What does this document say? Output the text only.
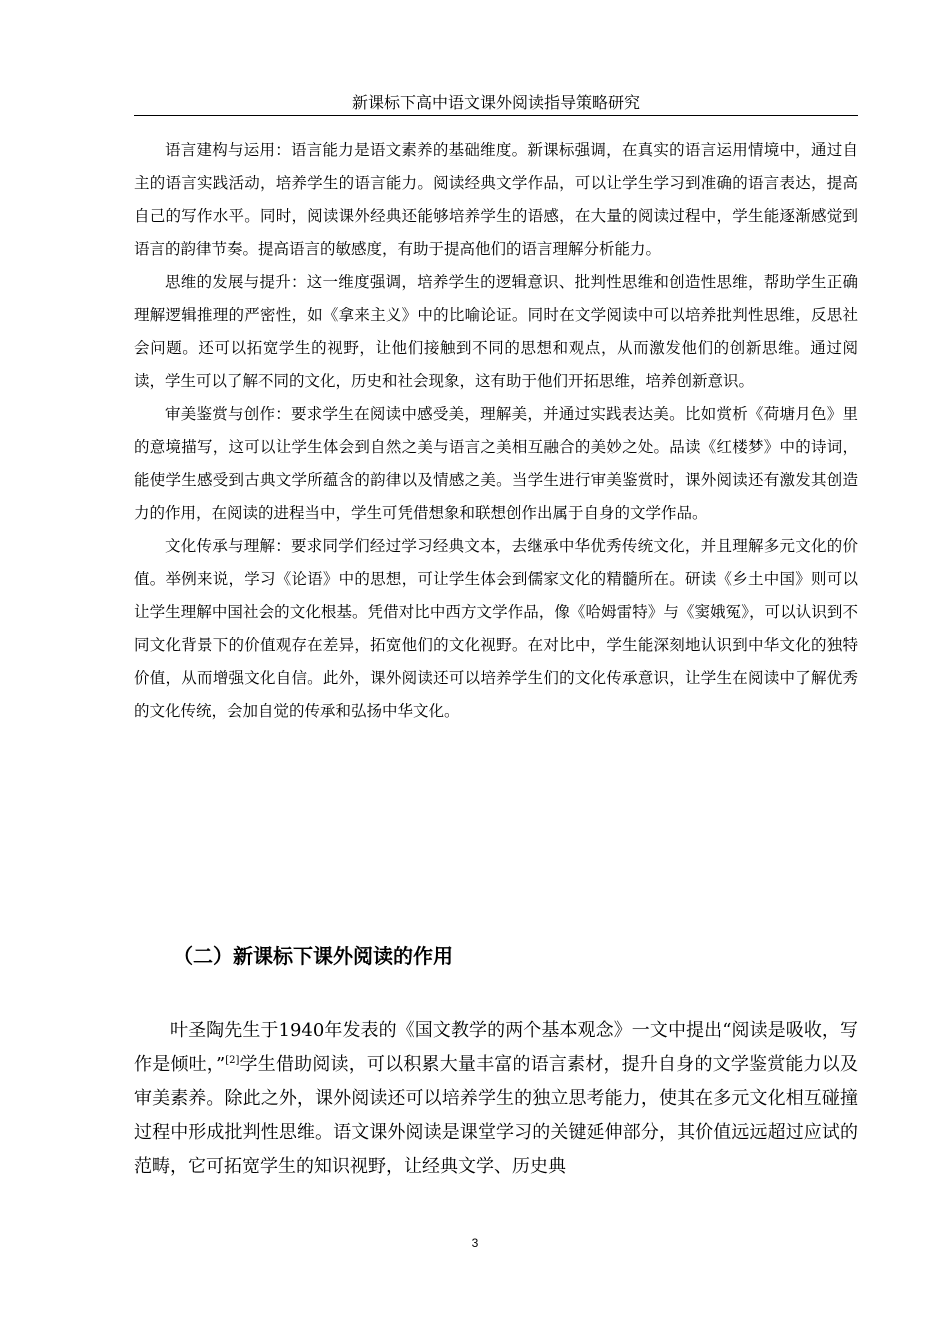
新课标下高中语文课外阅读指导策略研究

语言建构与运用：语言能力是语文素养的基础维度。新课标强调，在真实的语言运用情境中，通过自主的语言实践活动，培养学生的语言能力。阅读经典文学作品，可以让学生学习到准确的语言表达，提高自己的写作水平。同时，阅读课外经典还能够培养学生的语感，在大量的阅读过程中，学生能逐渐感觉到语言的韵律节奏。提高语言的敏感度，有助于提高他们的语言理解分析能力。

思维的发展与提升：这一维度强调，培养学生的逻辑意识、批判性思维和创造性思维，帮助学生正确理解逻辑推理的严密性，如《拿来主义》中的比喻论证。同时在文学阅读中可以培养批判性思维，反思社会问题。还可以拓宽学生的视野，让他们接触到不同的思想和观点，从而激发他们的创新思维。通过阅读，学生可以了解不同的文化，历史和社会现象，这有助于他们开拓思维，培养创新意识。

审美鉴赏与创作：要求学生在阅读中感受美，理解美，并通过实践表达美。比如赏析《荷塘月色》里的意境描写，这可以让学生体会到自然之美与语言之美相互融合的美妙之处。品读《红楼梦》中的诗词，能使学生感受到古典文学所蕴含的韵律以及情感之美。当学生进行审美鉴赏时，课外阅读还有激发其创造力的作用，在阅读的进程当中，学生可凭借想象和联想创作出属于自身的文学作品。

文化传承与理解：要求同学们经过学习经典文本，去继承中华优秀传统文化，并且理解多元文化的价值。举例来说，学习《论语》中的思想，可让学生体会到儒家文化的精髓所在。研读《乡土中国》则可以让学生理解中国社会的文化根基。凭借对比中西方文学作品，像《哈姆雷特》与《窦娥冤》，可以认识到不同文化背景下的价值观存在差异，拓宽他们的文化视野。在对比中，学生能深刻地认识到中华文化的独特价值，从而增强文化自信。此外，课外阅读还可以培养学生们的文化传承意识，让学生在阅读中了解优秀的文化传统，会加自觉的传承和弘扬中华文化。

（二）新课标下课外阅读的作用

叶圣陶先生于1940年发表的《国文教学的两个基本观念》一文中提出“阅读是吸收，写作是倾吐，”[2]学生借助阅读，可以积累大量丰富的语言素材，提升自身的文学鉴赏能力以及审美素养。除此之外，课外阅读还可以培养学生的独立思考能力，使其在多元文化相互碰撞过程中形成批判性思维。语文课外阅读是课堂学习的关键延伸部分，其价值远远超过应试的范畴，它可拓宽学生的知识视野，让经典文学、历史典

3
